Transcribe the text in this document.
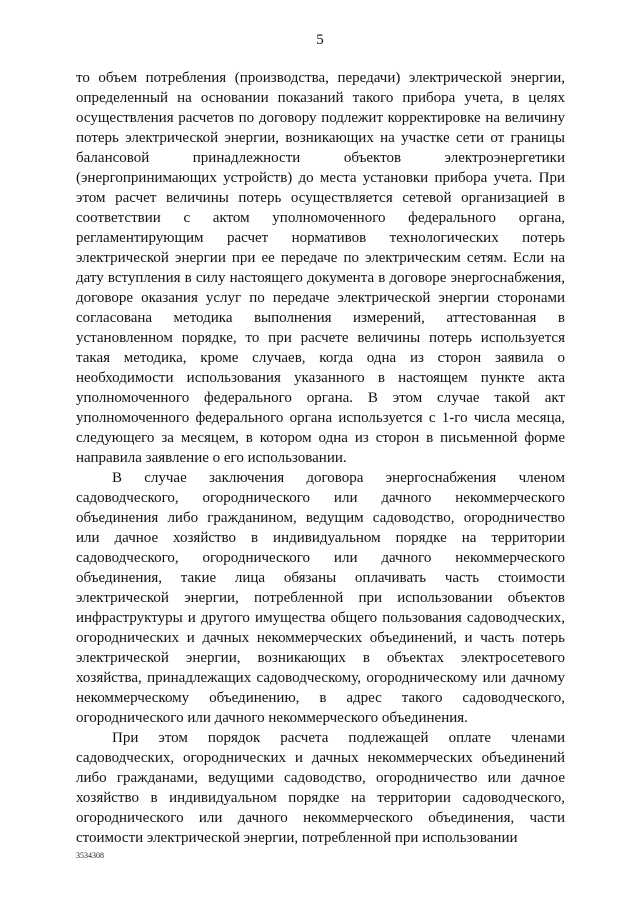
5

то объем потребления (производства, передачи) электрической энергии, определенный на основании показаний такого прибора учета, в целях осуществления расчетов по договору подлежит корректировке на величину потерь электрической энергии, возникающих на участке сети от границы балансовой принадлежности объектов электроэнергетики (энергопринимающих устройств) до места установки прибора учета. При этом расчет величины потерь осуществляется сетевой организацией в соответствии с актом уполномоченного федерального органа, регламентирующим расчет нормативов технологических потерь электрической энергии при ее передаче по электрическим сетям. Если на дату вступления в силу настоящего документа в договоре энергоснабжения, договоре оказания услуг по передаче электрической энергии сторонами согласована методика выполнения измерений, аттестованная в установленном порядке, то при расчете величины потерь используется такая методика, кроме случаев, когда одна из сторон заявила о необходимости использования указанного в настоящем пункте акта уполномоченного федерального органа. В этом случае такой акт уполномоченного федерального органа используется с 1-го числа месяца, следующего за месяцем, в котором одна из сторон в письменной форме направила заявление о его использовании.

В случае заключения договора энергоснабжения членом садоводческого, огороднического или дачного некоммерческого объединения либо гражданином, ведущим садоводство, огородничество или дачное хозяйство в индивидуальном порядке на территории садоводческого, огороднического или дачного некоммерческого объединения, такие лица обязаны оплачивать часть стоимости электрической энергии, потребленной при использовании объектов инфраструктуры и другого имущества общего пользования садоводческих, огороднических и дачных некоммерческих объединений, и часть потерь электрической энергии, возникающих в объектах электросетевого хозяйства, принадлежащих садоводческому, огородническому или дачному некоммерческому объединению, в адрес такого садоводческого, огороднического или дачного некоммерческого объединения.

При этом порядок расчета подлежащей оплате членами садоводческих, огороднических и дачных некоммерческих объединений либо гражданами, ведущими садоводство, огородничество или дачное хозяйство в индивидуальном порядке на территории садоводческого, огороднического или дачного некоммерческого объединения, части стоимости электрической энергии, потребленной при использовании

3534308
